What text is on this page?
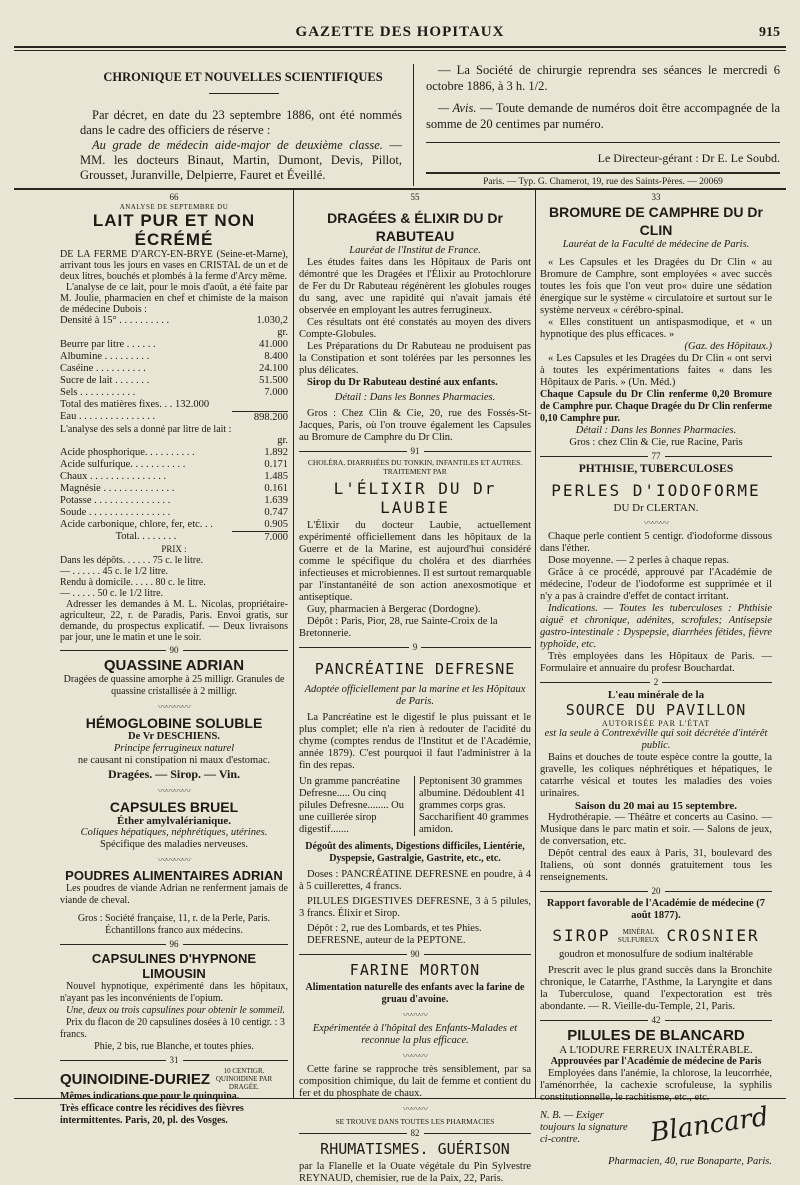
GAZETTE DES HOPITAUX	915
CHRONIQUE ET NOUVELLES SCIENTIFIQUES

Par décret, en date du 23 septembre 1886, ont été nommés dans le cadre des officiers de réserve :

Au grade de médecin aide-major de deuxième classe. — MM. les docteurs Binaut, Martin, Dumont, Devis, Pillot, Grousset, Juranville, Delpierre, Fauret et Éveillé.

— La Société de chirurgie reprendra ses séances le mercredi 6 octobre 1886, à 3 h. 1/2.

— Avis. — Toute demande de numéros doit être accompagnée de la somme de 20 centimes par numéro.

Le Directeur-gérant : Dr E. Le Soubd.
Paris. — Typ. G. Chamerot, 19, rue des Saints-Pères. — 20069
66
ANALYSE DE SEPTEMBRE DU
LAIT PUR ET NON ÉCRÉMÉ

DE LA FERME D'ARCY-EN-BRYE (Seine-et-Marne), arrivant tous les jours en vases en CRISTAL de un et de deux litres, bouchés et plombés à la ferme d'Arcy même.

L'analyse de ce lait, pour le mois d'août, a été faite par M. Joulie, pharmacien en chef et chimiste de la maison de médecine Dubois :

Densité à 15° . . . . . . . . . .	1.030,2
gr.
Beurre par litre . . . . . .	41.000
Albumine . . . . . . . . .	8.400
Caséine . . . . . . . . . .	24.100
Sucre de lait . . . . . . .	51.500
Sels . . . . . . . . . . .	7.000
Total des matières fixes. . . 132.000
Eau . . . . . . . . . . . . . . .	898.200

L'analyse des sels a donné par litre de lait :

gr.
Acide phosphorique. . . . . . . . . .	1.892
Acide sulfurique. . . . . . . . . . .	0.171
Chaux . . . . . . . . . . . . . . .	1.485
Magnésie . . . . . . . . . . . . . .	0.161
Potasse . . . . . . . . . . . . . . .	1.639
Soude . . . . . . . . . . . . . . . .	0.747
Acide carbonique, chlore, fer, etc. . .	0.905
Total. . . . . . . .	7.000
PRIX :
Dans les dépôts. . . . . . 75 c. le litre.
— . . . . . . 45 c. le 1/2 litre.
Rendu à domicile. . . . . 80 c. le litre.
— . . . . . 50 c. le 1/2 litre.

Adresser les demandes à M. L. Nicolas, propriétaire-agriculteur, 22, r. de Paradis, Paris. Envoi gratis, sur demande, du prospectus explicatif. — Deux livraisons par jour, une le matin et une le soir.

90
QUASSINE ADRIAN

Dragées de quassine amorphe à 25 milligr. Granules de quassine cristallisée à 2 milligr.

〰〰〰〰
HÉMOGLOBINE SOLUBLE
De Vr DESCHIENS.
Principe ferrugineux naturel
ne causant ni constipation ni maux d'estomac.
Dragées. — Sirop. — Vin.
〰〰〰〰
CAPSULES BRUEL
Éther amylvalérianique.
Coliques hépatiques, néphrétiques, utérines.
Spécifique des maladies nerveuses.
〰〰〰〰
POUDRES ALIMENTAIRES ADRIAN

Les poudres de viande Adrian ne renferment jamais de viande de cheval.

Gros : Société française, 11, r. de la Perle, Paris.
Échantillons franco aux médecins.
96
CAPSULINES D'HYPNONE LIMOUSIN

Nouvel hypnotique, expérimenté dans les hôpitaux, n'ayant pas les inconvénients de l'opium.

Une, deux ou trois capsulines pour obtenir le sommeil.

Prix du flacon de 20 capsulines dosées à 10 centigr. : 3 francs.

Phie, 2 bis, rue Blanche, et toutes phies.

31
QUINOIDINE-DURIEZ	10 CENTIGR. QUINOIDINE PAR DRAGÉE.

Mêmes indications que pour le quinquina.

Très efficace contre les récidives des fièvres intermittentes. Paris, 20, pl. des Vosges.

55
DRAGÉES & ÉLIXIR DU Dr RABUTEAU
Lauréat de l'Institut de France.

Les études faites dans les Hôpitaux de Paris ont démontré que les Dragées et l'Élixir au Protochlorure de Fer du Dr Rabuteau régénèrent les globules rouges du sang, avec une rapidité qui n'avait jamais été observée en employant les autres ferrugineux.

Ces résultats ont été constatés au moyen des divers Compte-Globules.

Les Préparations du Dr Rabuteau ne produisent pas la Constipation et sont tolérées par les personnes les plus délicates.

Sirop du Dr Rabuteau destiné aux enfants.

Détail : Dans les Bonnes Pharmacies.

Gros : Chez Clin & Cie, 20, rue des Fossés-St-Jacques, Paris, où l'on trouve également les Capsules au Bromure de Camphre du Dr Clin.

91
CHOLÉRA, DIARRHÉES DU TONKIN, INFANTILES ET AUTRES. TRAITEMENT PAR
L'ÉLIXIR DU Dr LAUBIE

L'Élixir du docteur Laubie, actuellement expérimenté officiellement dans les hôpitaux de la Guerre et de la Marine, est aujourd'hui considéré comme le spécifique du choléra et des diarrhées infectieuses et microbiennes. Il est surtout remarquable par l'instantanéité de son action anexosmotique et antiseptique.

Guy, pharmacien à Bergerac (Dordogne).

Dépôt : Paris, Pior, 28, rue Sainte-Croix de la Bretonnerie.

9
PANCRÉATINE DEFRESNE
Adoptée officiellement par la marine et les Hôpitaux de Paris.

La Pancréatine est le digestif le plus puissant et le plus complet; elle n'a rien à redouter de l'acidité du chyme (comptes rendus de l'Institut et de l'Académie, année 1879). C'est pourquoi il faut l'administrer à la fin des repas.

Un gramme pancréatine Defresne..... Ou cinq pilules Defresne........ Ou une cuillerée sirop digestif.......
Peptonisent 30 grammes albumine. Dédoublent 41 grammes corps gras. Saccharifient 40 grammes amidon.

Dégoût des aliments, Digestions difficiles, Lientérie, Dyspepsie, Gastralgie, Gastrite, etc., etc.

Doses : PANCRÉATINE DEFRESNE en poudre, à 4 à 5 cuillerettes, 4 francs.

PILULES DIGESTIVES DEFRESNE, 3 à 5 pilules, 3 francs. Élixir et Sirop.

Dépôt : 2, rue des Lombards, et tes Phies.

DEFRESNE, auteur de la PEPTONE.

90
FARINE MORTON

Alimentation naturelle des enfants avec la farine de gruau d'avoine.

〰〰〰

Expérimentée à l'hôpital des Enfants-Malades et reconnue la plus efficace.

〰〰〰

Cette farine se rapproche très sensiblement, par sa composition chimique, du lait de femme et contient du fer et du phosphate de chaux.

〰〰〰
SE TROUVE DANS TOUTES LES PHARMACIES
82
RHUMATISMES. GUÉRISON

par la Flanelle et la Ouate végétale du Pin Sylvestre REYNAUD, chemisier, rue de la Paix, 22, Paris.

33
BROMURE DE CAMPHRE DU Dr CLIN
Lauréat de la Faculté de médecine de Paris.

« Les Capsules et les Dragées du Dr Clin « au Bromure de Camphre, sont employées « avec succès toutes les fois que l'on veut pro« duire une sédation énergique sur le système « circulatoire et surtout sur le système nerveux « cérébro-spinal.

« Elles constituent un antispasmodique, et « un hypnotique des plus efficaces. »

(Gaz. des Hôpitaux.)

« Les Capsules et les Dragées du Dr Clin « ont servi à toutes les expérimentations faites « dans les Hôpitaux de Paris. » (Un. Méd.)

Chaque Capsule du Dr Clin renferme 0,20 Bromure de Camphre pur. Chaque Dragée du Dr Clin renferme 0,10 Camphre pur.

Détail : Dans les Bonnes Pharmacies.

Gros : chez Clin & Cie, rue Racine, Paris

77
PHTHISIE, TUBERCULOSES
PERLES D'IODOFORME
DU Dr CLERTAN.
〰〰〰

Chaque perle contient 5 centigr. d'iodoforme dissous dans l'éther.

Dose moyenne. — 2 perles à chaque repas.

Grâce à ce procédé, approuvé par l'Académie de médecine, l'odeur de l'iodoforme est supprimée et il n'y a pas à craindre d'effet de contact irritant.

Indications. — Toutes les tuberculoses : Phthisie aiguë et chronique, adénites, scrofules; Antisepsie gastro-intestinale : Dyspepsie, diarrhées fétides, fièvre typhoïde, etc.

Très employées dans les Hôpitaux de Paris. — Formulaire et annuaire du profesr Bouchardat.

2
L'eau minérale de la
SOURCE DU PAVILLON
AUTORISÉE PAR L'ÉTAT

est la seule à Contrexéville qui soit décrétée d'intérêt public.

Bains et douches de toute espèce contre la goutte, la gravelle, les coliques néphrétiques et hépatiques, le catarrhe vésical et toutes les maladies des voies urinaires.

Saison du 20 mai au 15 septembre.

Hydrothérapie. — Théâtre et concerts au Casino. — Musique dans le parc matin et soir. — Salons de jeux, de conversation, etc.

Dépôt central des eaux à Paris, 31, boulevard des Italiens, où sont donnés gratuitement tous les renseignements.

20

Rapport favorable de l'Académie de médecine (7 août 1877).

SIROP	MINÉRAL SULFUREUX CROSNIER

goudron et monosulfure de sodium inaltérable

Prescrit avec le plus grand succès dans la Bronchite chronique, le Catarrhe, l'Asthme, la Laryngite et dans la Tuberculose, quand l'expectoration est très abondante. — R. Vieille-du-Temple, 21, Paris.

42
PILULES DE BLANCARD
A L'IODURE FERREUX INALTÉRABLE.

Approuvées par l'Académie de médecine de Paris

Employées dans l'anémie, la chlorose, la leucorrhée, l'aménorrhée, la cachexie scrofuleuse, la syphilis constitutionnelle, le rachitisme, etc., etc.

N. B. — Exiger toujours la signature ci-contre.	Blancard

Pharmacien, 40, rue Bonaparte, Paris.
